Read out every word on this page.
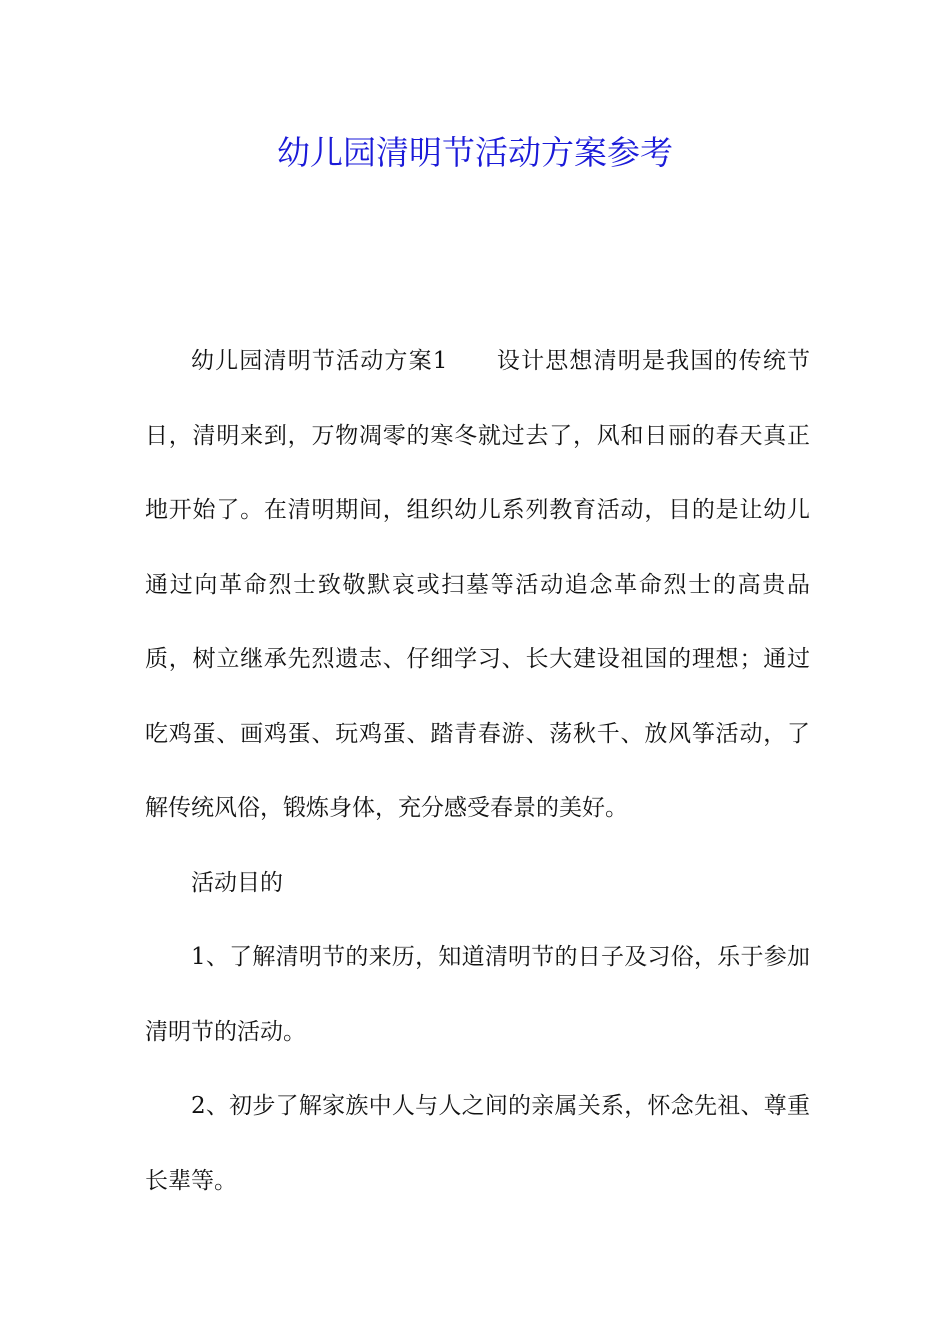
幼儿园清明节活动方案参考

幼儿园清明节活动方案1　　设计思想清明是我国的传统节日，清明来到，万物凋零的寒冬就过去了，风和日丽的春天真正地开始了。在清明期间，组织幼儿系列教育活动，目的是让幼儿通过向革命烈士致敬默哀或扫墓等活动追念革命烈士的高贵品质，树立继承先烈遗志、仔细学习、长大建设祖国的理想；通过吃鸡蛋、画鸡蛋、玩鸡蛋、踏青春游、荡秋千、放风筝活动，了解传统风俗，锻炼身体，充分感受春景的美好。

活动目的

1、了解清明节的来历，知道清明节的日子及习俗，乐于参加清明节的活动。

2、初步了解家族中人与人之间的亲属关系，怀念先祖、尊重长辈等。
